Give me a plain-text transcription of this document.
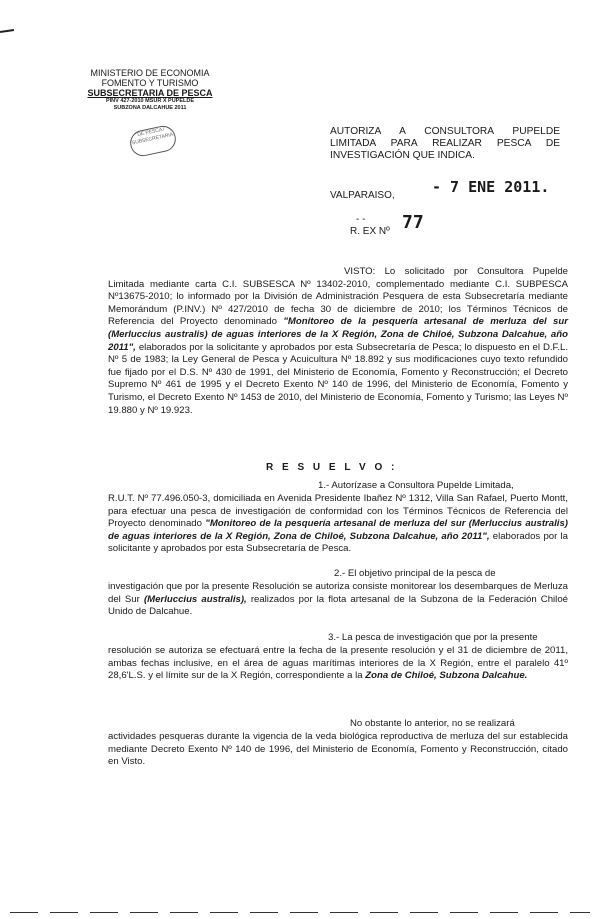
MINISTERIO DE ECONOMIA
FOMENTO Y TURISMO
SUBSECRETARIA DE PESCA
PINV 427-2010 MSUR X PUPELDE
SUBZONA DALCAHUE 2011
DE PESCA / SUBSECRETARIA
AUTORIZA A CONSULTORA PUPELDE LIMITADA PARA REALIZAR PESCA DE INVESTIGACIÓN QUE INDICA.
VALPARAISO, - 7 ENE 2011.
- -
R. EX Nº 77
VISTO: Lo solicitado por Consultora Pupelde Limitada mediante carta C.I. SUBSESCA Nº 13402-2010, complementado mediante C.I. SUBPESCA Nº13675-2010; lo informado por la División de Administración Pesquera de esta Subsecretaría mediante Memorándum (P.INV.) Nº 427/2010 de fecha 30 de diciembre de 2010; los Términos Técnicos de Referencia del Proyecto denominado "Monitoreo de la pesquería artesanal de merluza del sur (Merluccius australis) de aguas interiores de la X Región, Zona de Chiloé, Subzona Dalcahue, año 2011", elaborados por la solicitante y aprobados por esta Subsecretaría de Pesca; lo dispuesto en el D.F.L. Nº 5 de 1983; la Ley General de Pesca y Acuicultura Nº 18.892 y sus modificaciones cuyo texto refundido fue fijado por el D.S. Nº 430 de 1991, del Ministerio de Economía, Fomento y Reconstrucción; el Decreto Supremo Nº 461 de 1995 y el Decreto Exento Nº 140 de 1996, del Ministerio de Economía, Fomento y Turismo, el Decreto Exento Nº 1453 de 2010, del Ministerio de Economía, Fomento y Turismo; las Leyes Nº 19.880 y Nº 19.923.
R E S U E L V O :
1.- Autorízase a Consultora Pupelde Limitada,
R.U.T. Nº 77.496.050-3, domiciliada en Avenida Presidente Ibañez Nº 1312, Villa San Rafael, Puerto Montt, para efectuar una pesca de investigación de conformidad con los Términos Técnicos de Referencia del Proyecto denominado "Monitoreo de la pesquería artesanal de merluza del sur (Merluccius australis) de aguas interiores de la X Región, Zona de Chiloé, Subzona Dalcahue, año 2011", elaborados por la solicitante y aprobados por esta Subsecretaría de Pesca.
2.- El objetivo principal de la pesca de
investigación que por la presente Resolución se autoriza consiste monitorear los desembarques de Merluza del Sur (Merluccius australis), realizados por la flota artesanal de la Subzona de la Federación Chiloé Unido de Dalcahue.
3.- La pesca de investigación que por la presente
resolución se autoriza se efectuará entre la fecha de la presente resolución y el 31 de diciembre de 2011, ambas fechas inclusive, en el área de aguas marítimas interiores de la X Región, entre el paralelo 41º 28,6'L.S. y el límite sur de la X Región, correspondiente a la Zona de Chiloé, Subzona Dalcahue.
No obstante lo anterior, no se realizará
actividades pesqueras durante la vigencia de la veda biológica reproductiva de merluza del sur establecida mediante Decreto Exento Nº 140 de 1996, del Ministerio de Economía, Fomento y Reconstrucción, citado en Visto.
